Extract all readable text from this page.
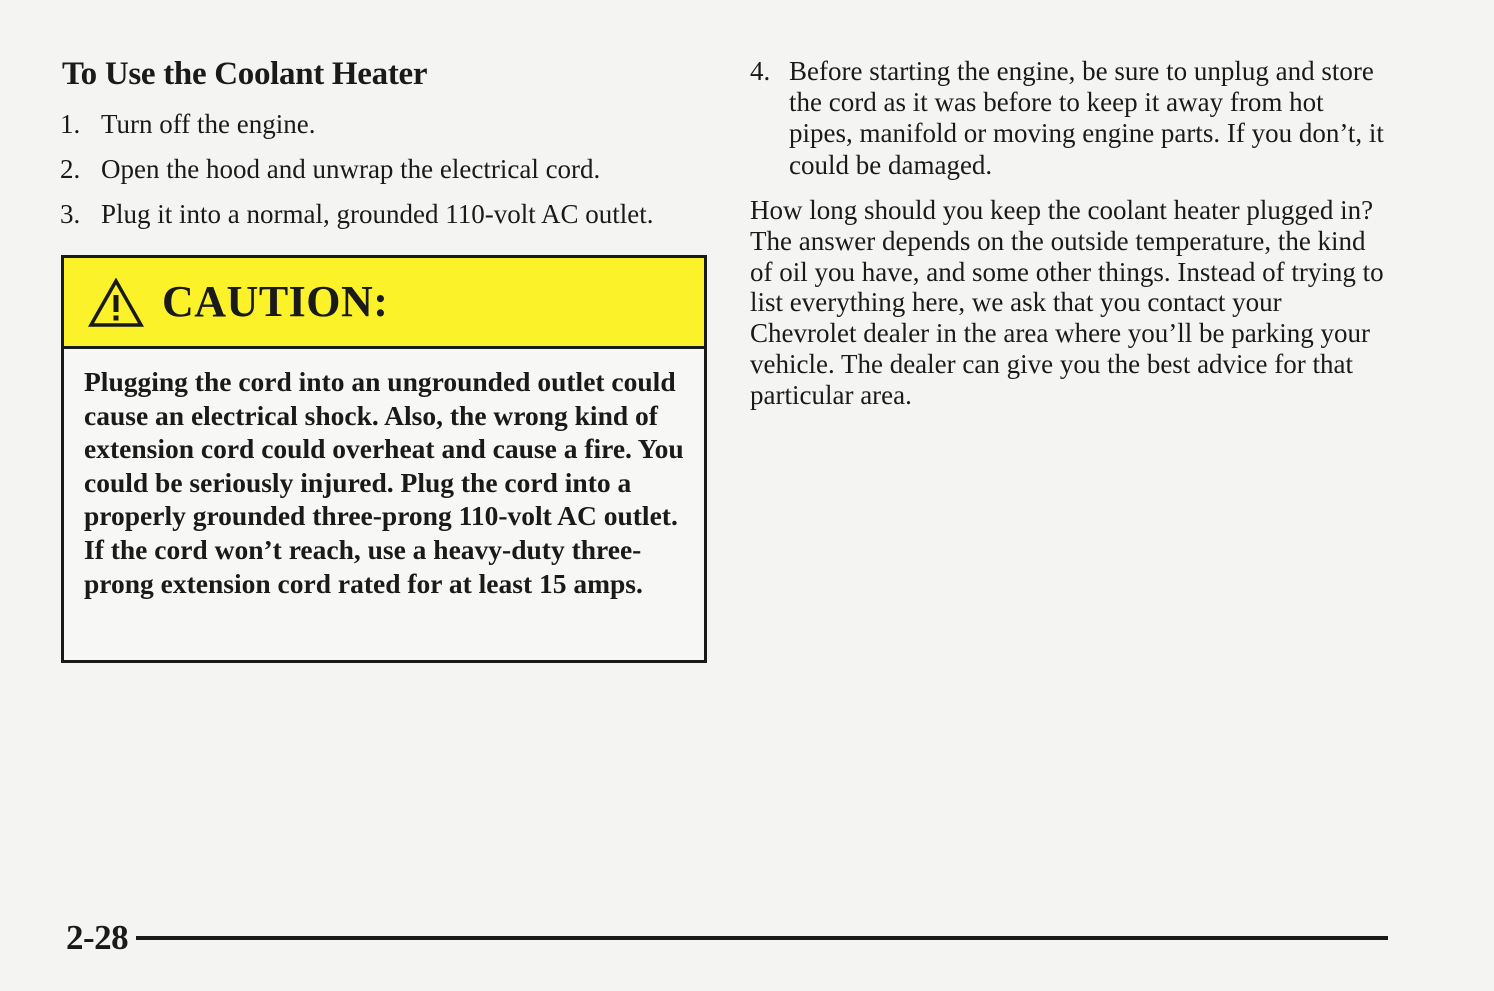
To Use the Coolant Heater
1. Turn off the engine.
2. Open the hood and unwrap the electrical cord.
3. Plug it into a normal, grounded 110-volt AC outlet.
CAUTION:

Plugging the cord into an ungrounded outlet could cause an electrical shock. Also, the wrong kind of extension cord could overheat and cause a fire. You could be seriously injured. Plug the cord into a properly grounded three-prong 110-volt AC outlet. If the cord won’t reach, use a heavy-duty three-prong extension cord rated for at least 15 amps.

4. Before starting the engine, be sure to unplug and store the cord as it was before to keep it away from hot pipes, manifold or moving engine parts. If you don’t, it could be damaged.

How long should you keep the coolant heater plugged in? The answer depends on the outside temperature, the kind of oil you have, and some other things. Instead of trying to list everything here, we ask that you contact your Chevrolet dealer in the area where you’ll be parking your vehicle. The dealer can give you the best advice for that particular area.

2-28
